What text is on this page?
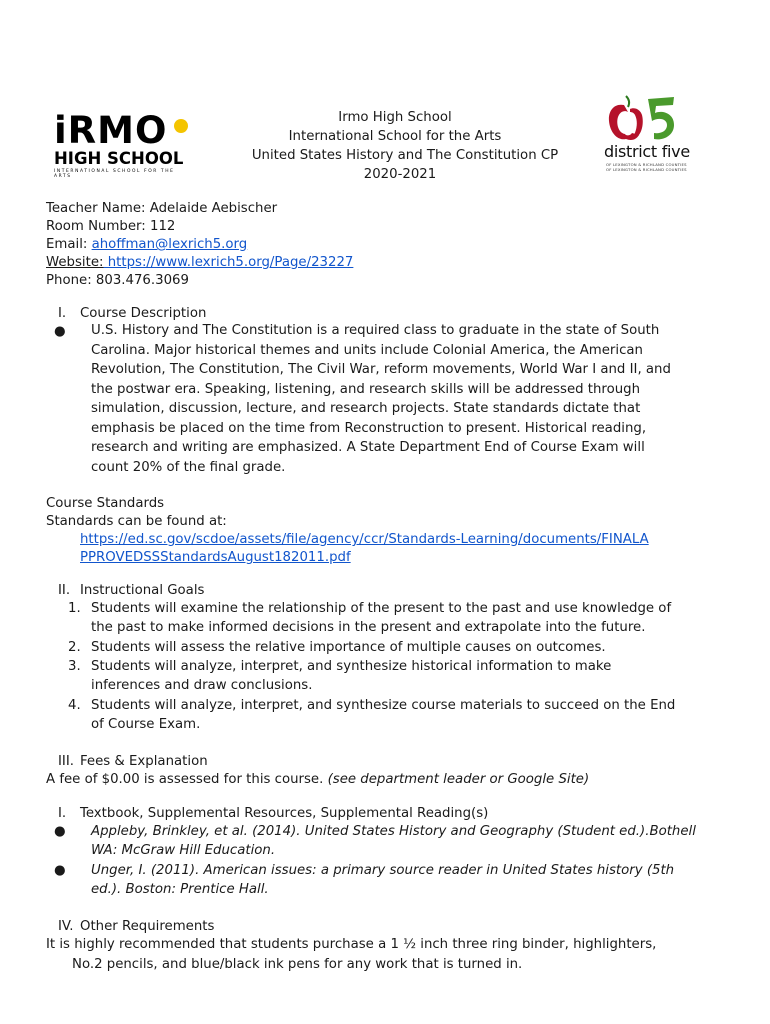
iRMO
HIGH SCHOOL
INTERNATIONAL SCHOOL FOR THE ARTS
district five
OF LEXINGTON & RICHLAND COUNTIES
OF LEXINGTON & RICHLAND COUNTIES
Irmo High School
International School for the Arts
United States History and The Constitution CP
2020-2021
Teacher Name: Adelaide Aebischer
Room Number: 112
Email: ahoffman@lexrich5.org
Website: https://www.lexrich5.org/Page/23227
Phone: 803.476.3069
I. Course Description
● U.S. History and The Constitution is a required class to graduate in the state of South
Carolina. Major historical themes and units include Colonial America, the American
Revolution, The Constitution, The Civil War, reform movements, World War I and II, and
the postwar era. Speaking, listening, and research skills will be addressed through
simulation, discussion, lecture, and research projects. State standards dictate that
emphasis be placed on the time from Reconstruction to present. Historical reading,
research and writing are emphasized. A State Department End of Course Exam will
count 20% of the final grade.
Course Standards
Standards can be found at:
https://ed.sc.gov/scdoe/assets/file/agency/ccr/Standards-Learning/documents/FINALA
PPROVEDSSStandardsAugust182011.pdf
II. Instructional Goals
1. Students will examine the relationship of the present to the past and use knowledge of
the past to make informed decisions in the present and extrapolate into the future.
2. Students will assess the relative importance of multiple causes on outcomes.
3. Students will analyze, interpret, and synthesize historical information to make
inferences and draw conclusions.
4. Students will analyze, interpret, and synthesize course materials to succeed on the End
of Course Exam.
III. Fees & Explanation
A fee of $0.00 is assessed for this course. (see department leader or Google Site)
I. Textbook, Supplemental Resources, Supplemental Reading(s)
● Appleby, Brinkley, et al. (2014). United States History and Geography (Student ed.).Bothell
WA: McGraw Hill Education.
● Unger, I. (2011). American issues: a primary source reader in United States history (5th
ed.). Boston: Prentice Hall.
IV. Other Requirements
It is highly recommended that students purchase a 1 ½ inch three ring binder, highlighters,
No.2 pencils, and blue/black ink pens for any work that is turned in.
